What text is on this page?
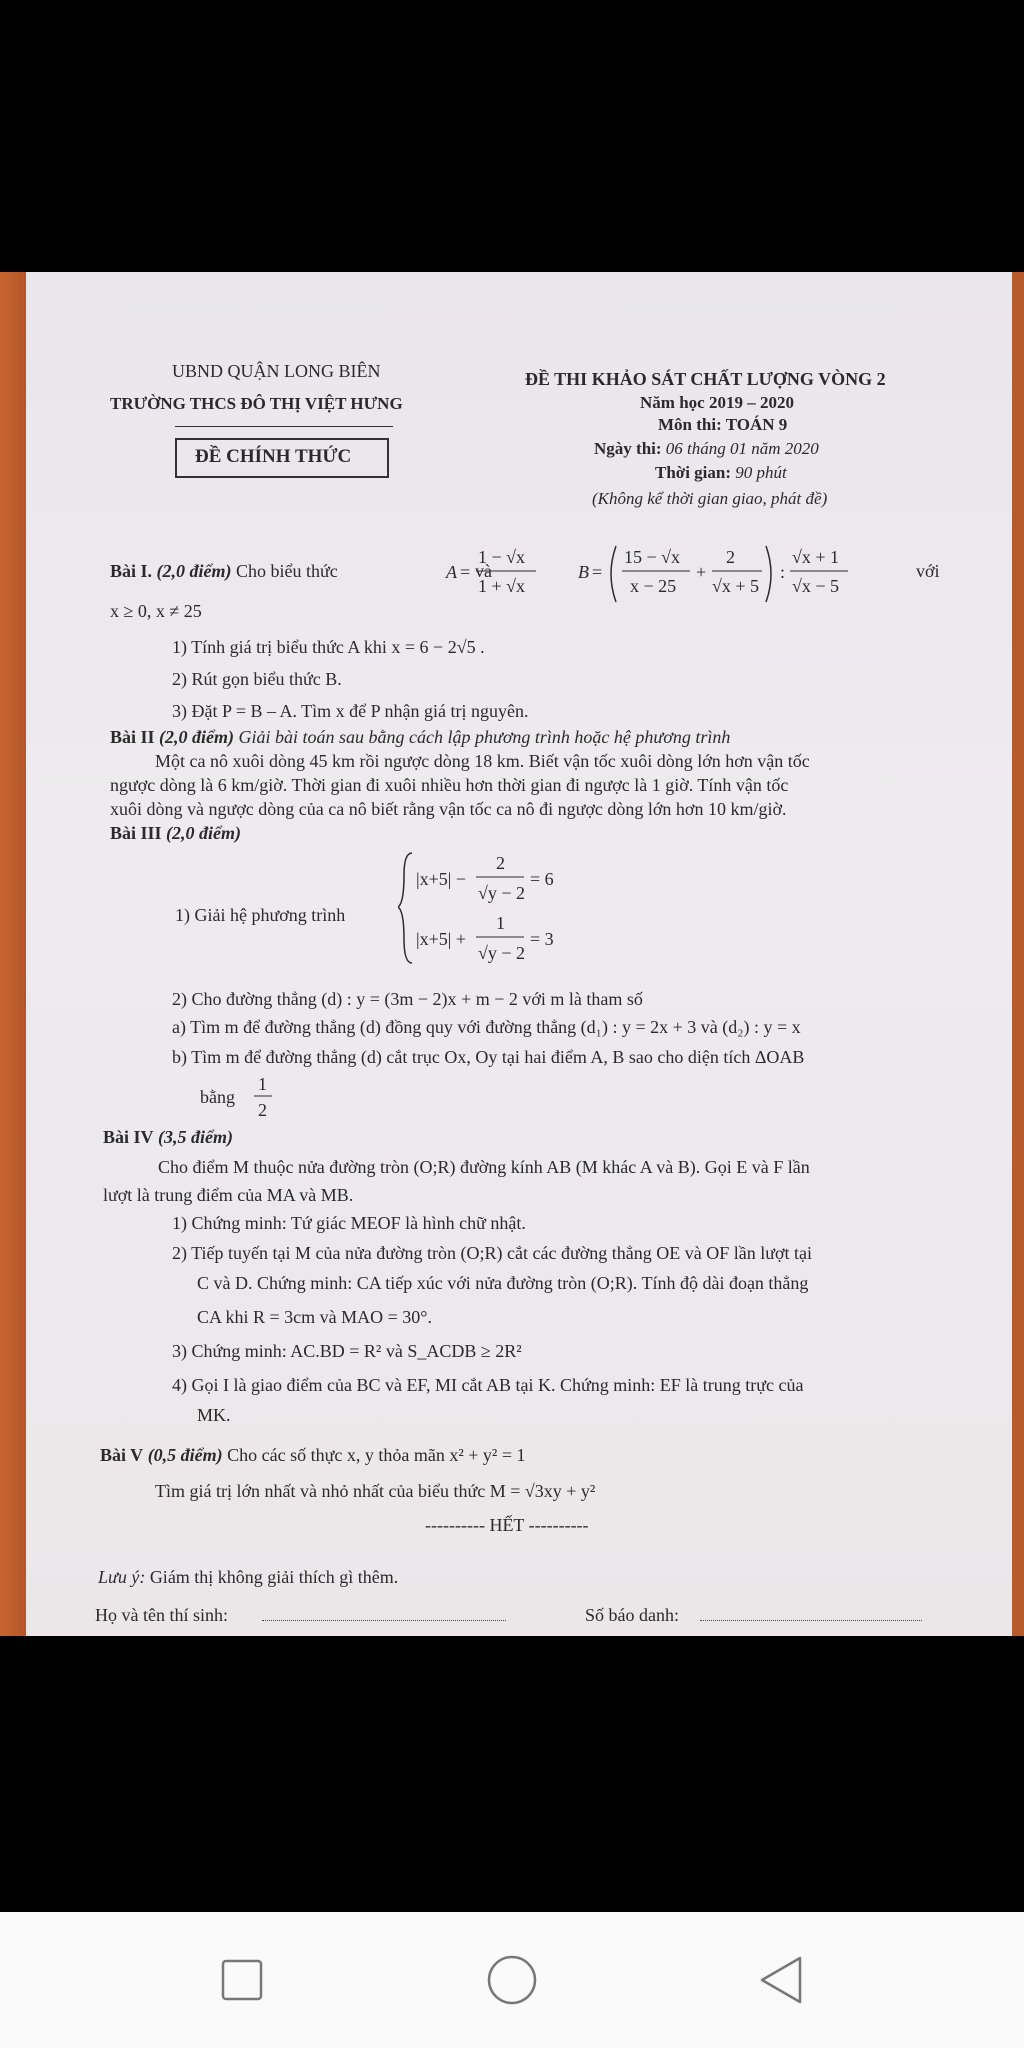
UBND QUẬN LONG BIÊN
TRƯỜNG THCS ĐÔ THỊ VIỆT HƯNG
ĐỀ CHÍNH THỨC
ĐỀ THI KHẢO SÁT CHẤT LƯỢNG VÒNG 2
Năm học 2019 – 2020
Môn thi: TOÁN 9
Ngày thi: 06 tháng 01 năm 2020
Thời gian: 90 phút
(Không kể thời gian giao, phát đề)
Bài I. (2,0 điểm) Cho biểu thức	A =
1 − √x
1 + √x
B =
15 − √x
x − 25
+
2
√x + 5
:
√x + 1
√x − 5
và	với
x ≥ 0, x ≠ 25
1) Tính giá trị biểu thức A khi x = 6 − 2√5 .
2) Rút gọn biểu thức B.
3) Đặt P = B – A. Tìm x để P nhận giá trị nguyên.
Bài II (2,0 điểm) Giải bài toán sau bằng cách lập phương trình hoặc hệ phương trình
Một ca nô xuôi dòng 45 km rồi ngược dòng 18 km. Biết vận tốc xuôi dòng lớn hơn vận tốc
ngược dòng là 6 km/giờ. Thời gian đi xuôi nhiều hơn thời gian đi ngược là 1 giờ. Tính vận tốc
xuôi dòng và ngược dòng của ca nô biết rằng vận tốc ca nô đi ngược dòng lớn hơn 10 km/giờ.
Bài III (2,0 điểm)
1) Giải hệ phương trình
|x+5| −
2
√y − 2
= 6
|x+5| +
1
√y − 2
= 3
2) Cho đường thẳng (d) : y = (3m − 2)x + m − 2 với m là tham số
a) Tìm m để đường thẳng (d) đồng quy với đường thẳng (d₁) : y = 2x + 3 và (d₂) : y = x
b) Tìm m để đường thẳng (d) cắt trục Ox, Oy tại hai điểm A, B sao cho diện tích ΔOAB
bằng
1
2
Bài IV (3,5 điểm)
Cho điểm M thuộc nửa đường tròn (O;R) đường kính AB (M khác A và B). Gọi E và F lần
lượt là trung điểm của MA và MB.
1) Chứng minh: Tứ giác MEOF là hình chữ nhật.
2) Tiếp tuyến tại M của nửa đường tròn (O;R) cắt các đường thẳng OE và OF lần lượt tại
C và D. Chứng minh: CA tiếp xúc với nửa đường tròn (O;R). Tính độ dài đoạn thẳng
CA khi R = 3cm và MAO = 30°.
3) Chứng minh: AC.BD = R² và S_ACDB ≥ 2R²
4) Gọi I là giao điểm của BC và EF, MI cắt AB tại K. Chứng minh: EF là trung trực của
MK.
Bài V (0,5 điểm) Cho các số thực x, y thỏa mãn x² + y² = 1
Tìm giá trị lớn nhất và nhỏ nhất của biểu thức M = √3xy + y²
---------- HẾT ----------
Lưu ý: Giám thị không giải thích gì thêm.
Họ và tên thí sinh:	Số báo danh:
